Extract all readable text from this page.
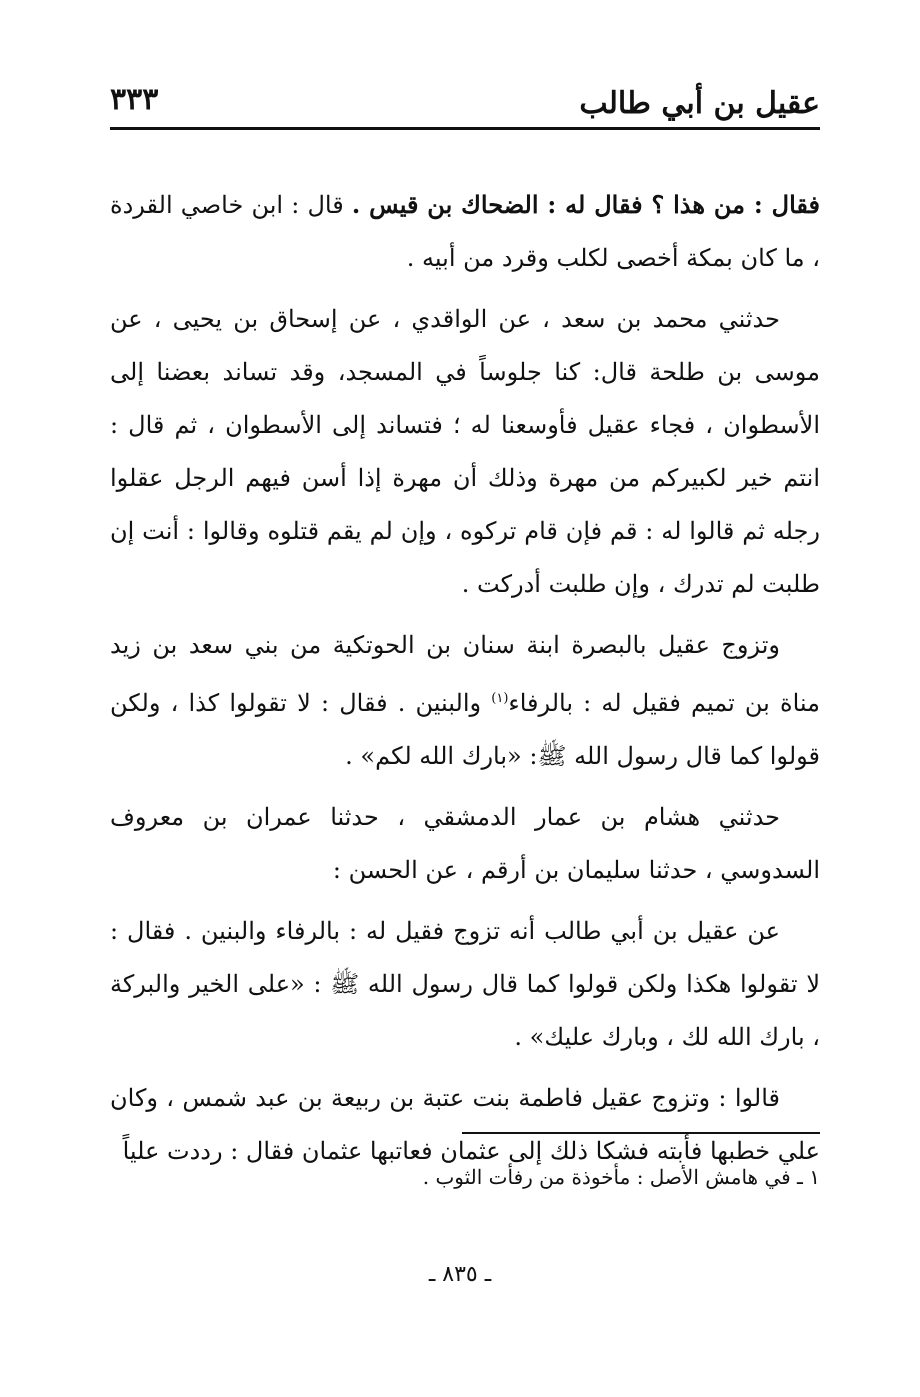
عقيل بن أبي طالب
٣٣٣

فقال : من هذا ؟ فقال له : الضحاك بن قيس . قال : ابن خاصي القردة ، ما كان بمكة أخصى لكلب وقرد من أبيه .

حدثني محمد بن سعد ، عن الواقدي ، عن إسحاق بن يحيى ، عن موسى بن طلحة قال: كنا جلوساً في المسجد، وقد تساند بعضنا إلى الأسطوان ، فجاء عقيل فأوسعنا له ؛ فتساند إلى الأسطوان ، ثم قال : انتم خير لكبيركم من مهرة وذلك أن مهرة إذا أسن فيهم الرجل عقلوا رجله ثم قالوا له : قم فإن قام تركوه ، وإن لم يقم قتلوه وقالوا : أنت إن طلبت لم تدرك ، وإن طلبت أدركت .

وتزوج عقيل بالبصرة ابنة سنان بن الحوتكية من بني سعد بن زيد مناة بن تميم فقيل له : بالرفاء$^{(١)}$ والبنين . فقال : لا تقولوا كذا ، ولكن قولوا كما قال رسول الله ﷺ: «بارك الله لكم» .

حدثني هشام بن عمار الدمشقي ، حدثنا عمران بن معروف السدوسي ، حدثنا سليمان بن أرقم ، عن الحسن :

عن عقيل بن أبي طالب أنه تزوج فقيل له : بالرفاء والبنين . فقال : لا تقولوا هكذا ولكن قولوا كما قال رسول الله ﷺ : «على الخير والبركة ، بارك الله لك ، وبارك عليك» .

قالوا : وتزوج عقيل فاطمة بنت عتبة بن ربيعة بن عبد شمس ، وكان علي خطبها فأبته فشكا ذلك إلى عثمان فعاتبها عثمان فقال : رددت علياً

١ ـ في هامش الأصل : مأخوذة من رفأت الثوب .
ـ ٨٣٥ ـ
